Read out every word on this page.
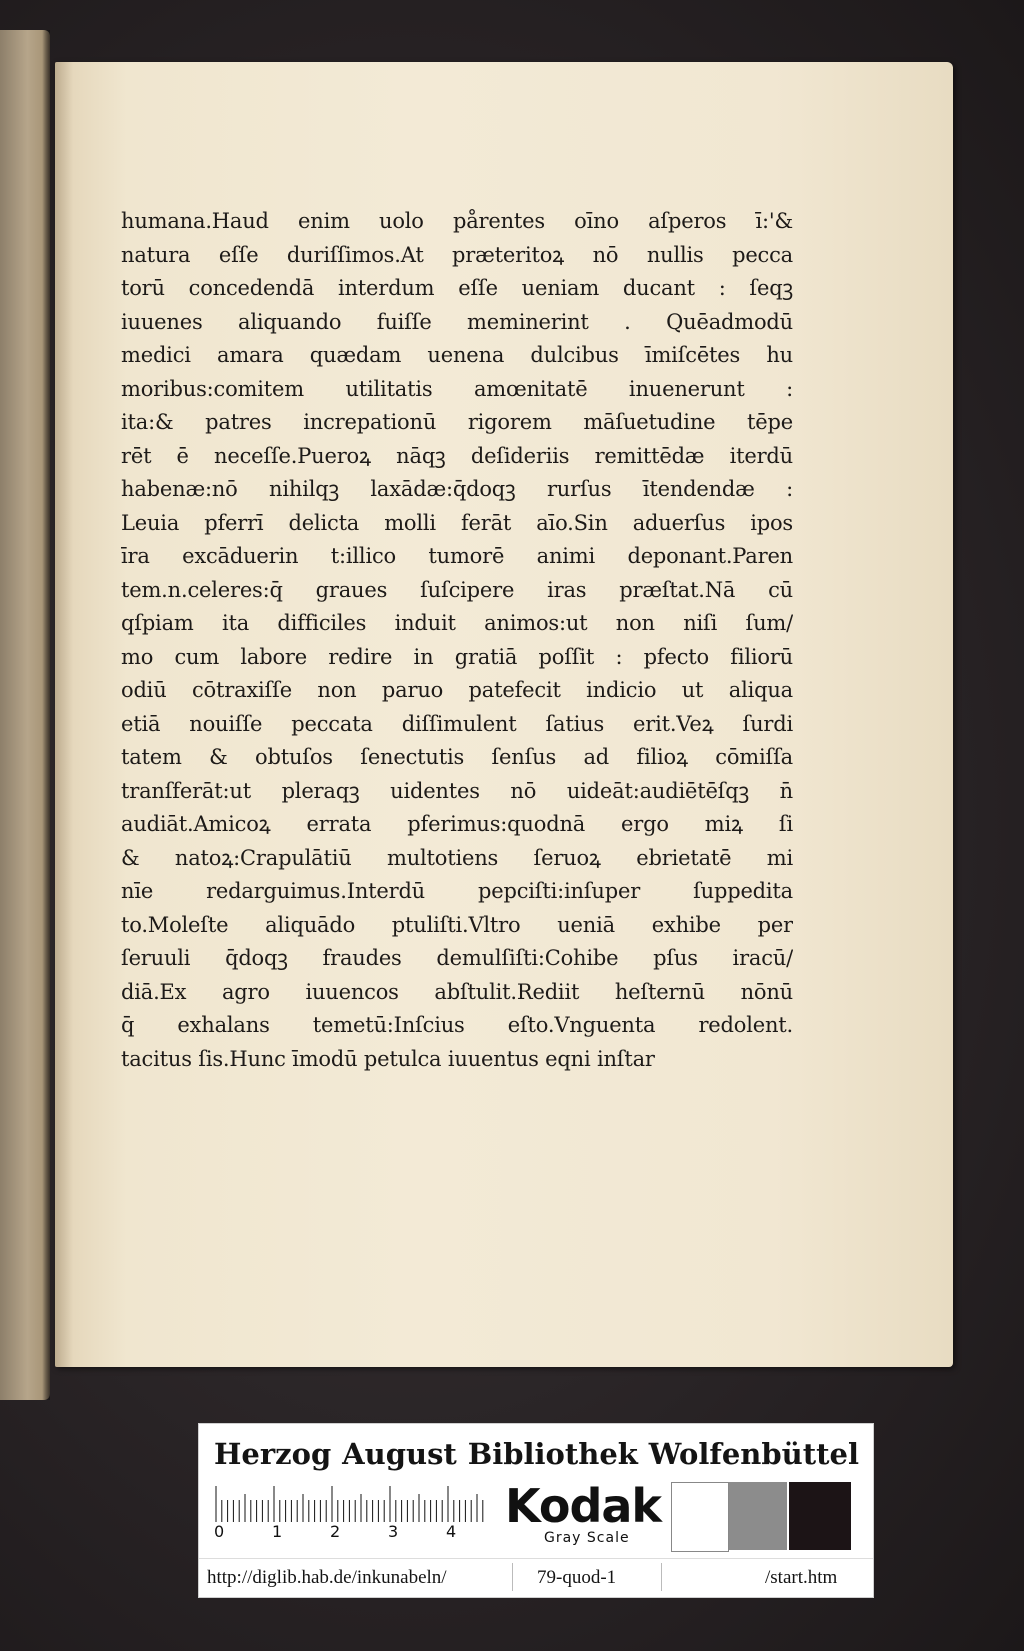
humana.Haud enim uolo pårentes oīno aſperos ī:'&
natura eſſe duriſſimos.At præteritoꝝ nō nullis pecca
torū concedendā interdum eſſe ueniam ducant : ſeqꝫ
iuuenes aliquando fuiſſe meminerint . Quēadmodū
medici amara quædam uenena dulcibus īmiſcētes hu
moribus:comitem utilitatis amœnitatē inuenerunt :
ita:& patres increpationū rigorem māſuetudine tēpe
rēt ē neceſſe.Pueroꝝ nāqꝫ deſideriis remittēdæ iterdū
habenæ:nō nihilqꝫ laxādæ:q̄doqꝫ rurſus ītendendæ :
Leuia pferrī delicta molli ferāt aīo.Sin aduerſus ipos
īra excāduerin t:illico tumorē animi deponant.Paren
tem.n.celeres:q̄ graues ſuſcipere iras præſtat.Nā cū
qſpiam ita difficiles induit animos:ut non niſi ſum/
mo cum labore redire in gratiā poſſit : pfecto filiorū
odiū cōtraxiſſe non paruo patefecit indicio ut aliqua
etiā nouiſſe peccata diſſimulent ſatius erit.Veꝝ ſurdi
tatem & obtuſos ſenectutis ſenſus ad filioꝝ cōmiſſa
tranſferāt:ut pleraqꝫ uidentes nō uideāt:audiētēſqꝫ n̄
audiāt.Amicoꝝ errata pferimus:quodnā ergo miꝝ ſi
& natoꝝ:Crapulātiū multotiens ſeruoꝝ ebrietatē mi
nīe redarguimus.Interdū pepciſti:inſuper ſuppedita
to.Moleſte aliquādo ptuliſti.Vltro ueniā exhibe per
ſeruuli q̄doqꝫ fraudes demulſiſti:Cohibe pſus iracū/
diā.Ex agro iuuencos abſtulit.Rediit heſternū nōnū
q̄ exhalans temetū:Inſcius eſto.Vnguenta redolent.
tacitus ſis.Hunc īmodū petulca iuuentus eqni inſtar
Herzog August Bibliothek Wolfenbüttel
0	1	2	3	4 Kodak
Gray Scale
http://diglib.hab.de/inkunabeln/	79-quod-1	/start.htm
